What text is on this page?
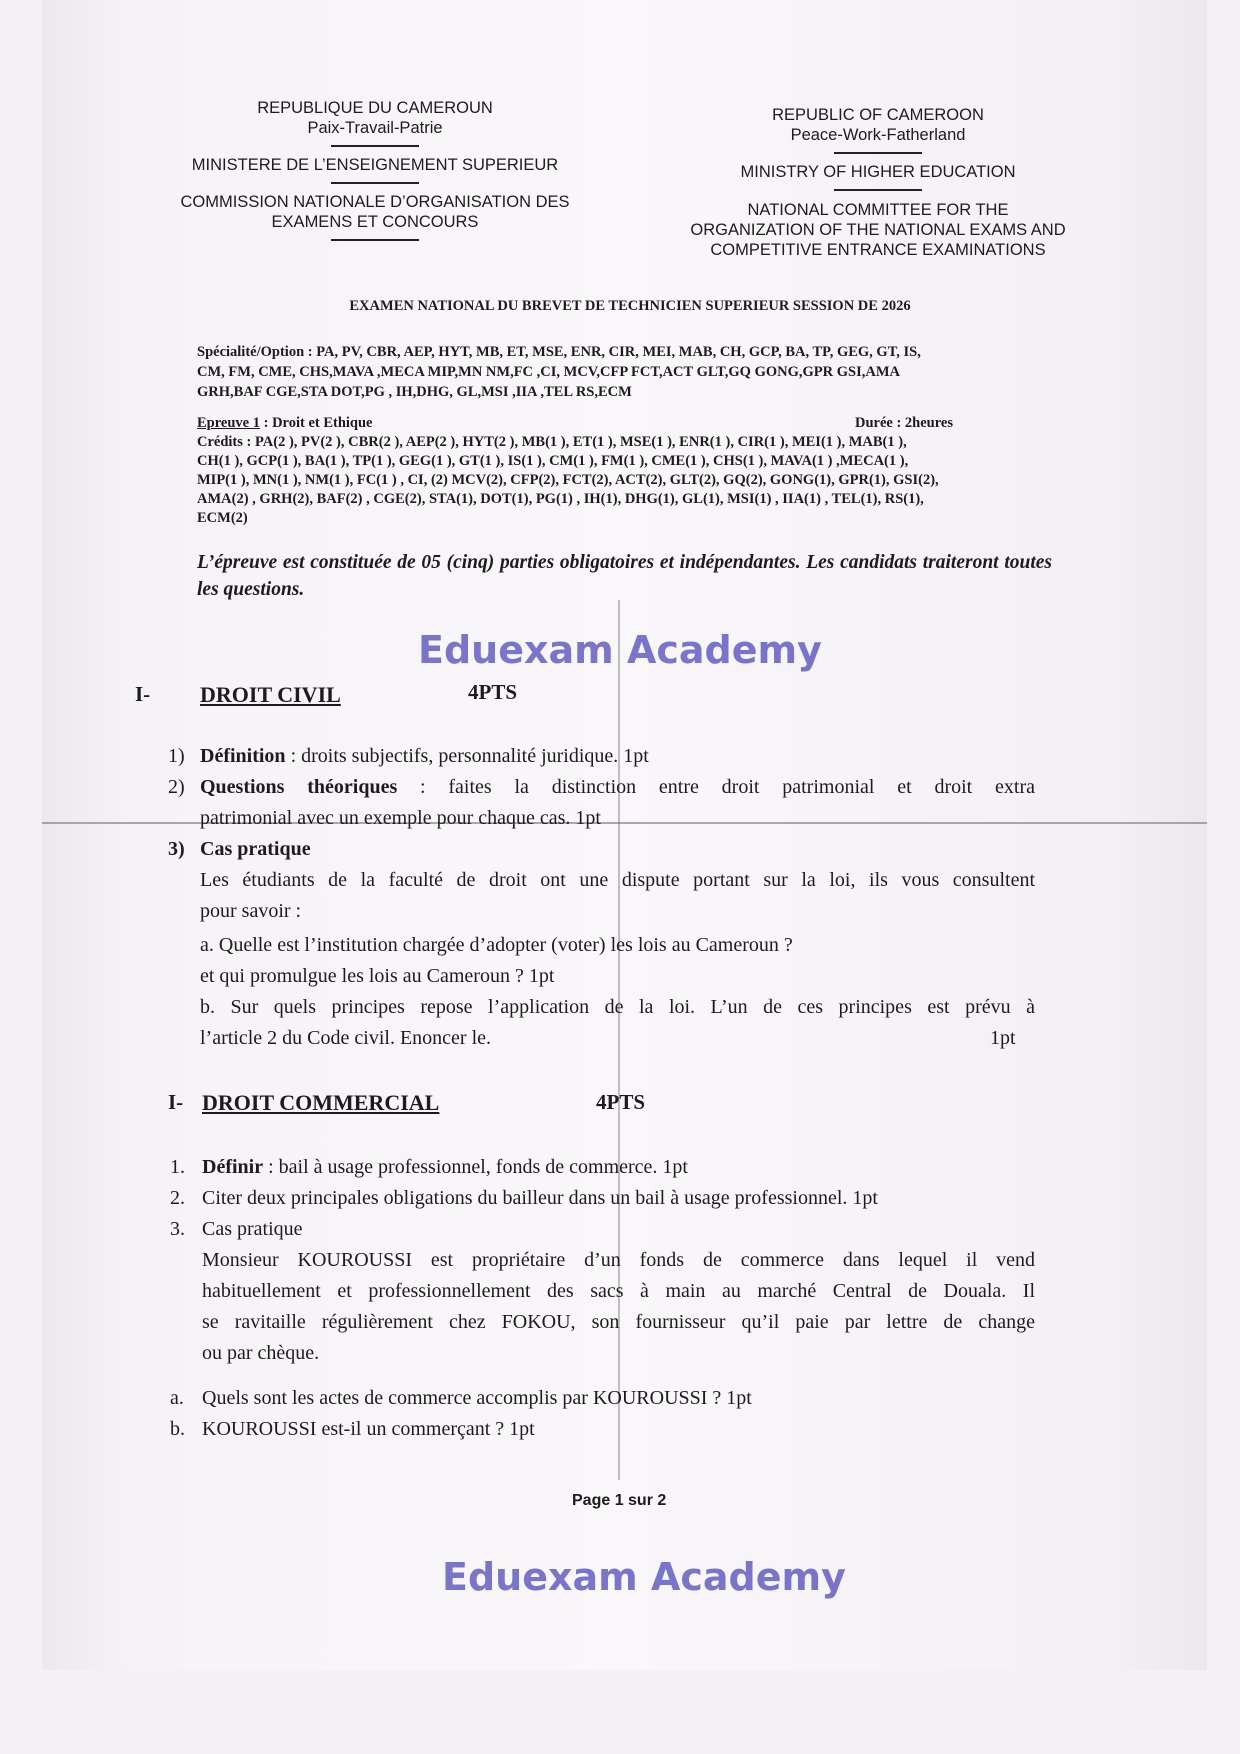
REPUBLIQUE DU CAMEROUN
Paix-Travail-Patrie
MINISTERE DE L’ENSEIGNEMENT SUPERIEUR
COMMISSION NATIONALE D’ORGANISATION DES
EXAMENS ET CONCOURS
REPUBLIC OF CAMEROON
Peace-Work-Fatherland
MINISTRY OF HIGHER EDUCATION
NATIONAL COMMITTEE FOR THE
ORGANIZATION OF THE NATIONAL EXAMS AND
COMPETITIVE ENTRANCE EXAMINATIONS
EXAMEN NATIONAL DU BREVET DE TECHNICIEN SUPERIEUR SESSION DE 2026
Spécialité/Option : PA, PV, CBR, AEP, HYT, MB, ET, MSE, ENR, CIR, MEI, MAB, CH, GCP, BA, TP, GEG, GT, IS,
CM, FM, CME, CHS,MAVA ,MECA MIP,MN NM,FC ,CI, MCV,CFP FCT,ACT GLT,GQ GONG,GPR GSI,AMA
GRH,BAF CGE,STA DOT,PG , IH,DHG, GL,MSI ,IIA ,TEL RS,ECM
Epreuve 1 : Droit et Ethique	Durée : 2heures
Crédits : PA(2 ), PV(2 ), CBR(2 ), AEP(2 ), HYT(2 ), MB(1 ), ET(1 ), MSE(1 ), ENR(1 ), CIR(1 ), MEI(1 ), MAB(1 ),
CH(1 ), GCP(1 ), BA(1 ), TP(1 ), GEG(1 ), GT(1 ), IS(1 ), CM(1 ), FM(1 ), CME(1 ), CHS(1 ), MAVA(1 ) ,MECA(1 ),
MIP(1 ), MN(1 ), NM(1 ), FC(1 ) , CI, (2) MCV(2), CFP(2), FCT(2), ACT(2), GLT(2), GQ(2), GONG(1), GPR(1), GSI(2),
AMA(2) , GRH(2), BAF(2) , CGE(2), STA(1), DOT(1), PG(1) , IH(1), DHG(1), GL(1), MSI(1) , IIA(1) , TEL(1), RS(1),
ECM(2)
L’épreuve est constituée de 05 (cinq) parties obligatoires et indépendantes. Les candidats traiteront toutes les questions.
Eduexam Academy
I- DROIT CIVIL	4PTS
1) Définition : droits subjectifs, personnalité juridique. 1pt
2) Questions théoriques : faites la distinction entre droit patrimonial et droit extra
patrimonial avec un exemple pour chaque cas. 1pt
3) Cas pratique
Les étudiants de la faculté de droit ont une dispute portant sur la loi, ils vous consultent
pour savoir :
a. Quelle est l’institution chargée d’adopter (voter) les lois au Cameroun ?
et qui promulgue les lois au Cameroun ? 1pt
b. Sur quels principes repose l’application de la loi. L’un de ces principes est prévu à
l’article 2 du Code civil. Enoncer le.	1pt
I- DROIT COMMERCIAL	4PTS
1. Définir : bail à usage professionnel, fonds de commerce. 1pt
2. Citer deux principales obligations du bailleur dans un bail à usage professionnel. 1pt
3. Cas pratique
Monsieur KOUROUSSI est propriétaire d’un fonds de commerce dans lequel il vend
habituellement et professionnellement des sacs à main au marché Central de Douala. Il
se ravitaille régulièrement chez FOKOU, son fournisseur qu’il paie par lettre de change
ou par chèque.
a. Quels sont les actes de commerce accomplis par KOUROUSSI ? 1pt
b. KOUROUSSI est-il un commerçant ? 1pt
Page 1 sur 2
Eduexam Academy
